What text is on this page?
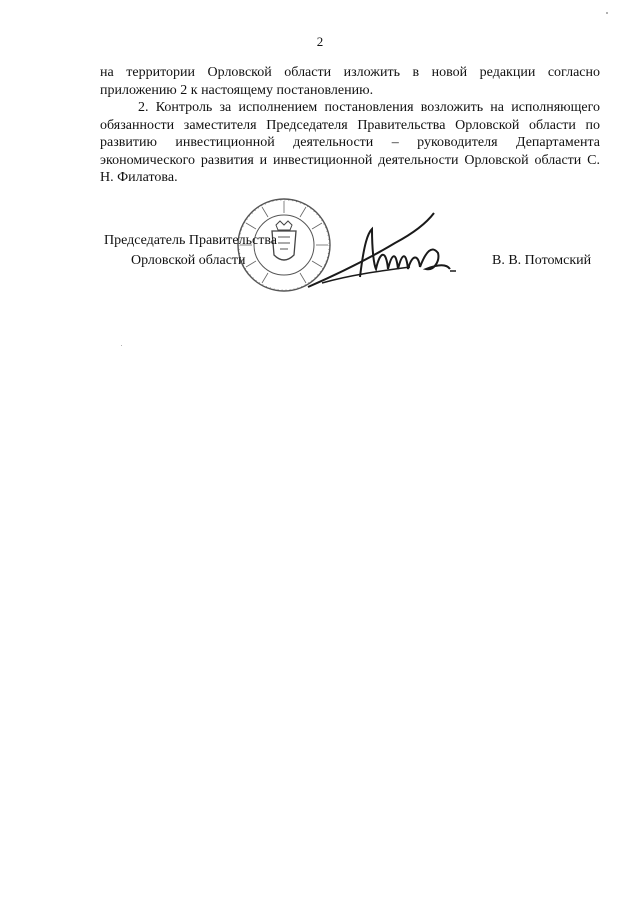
2

на территории Орловской области изложить в новой редакции согласно приложению 2 к настоящему постановлению.

2. Контроль за исполнением постановления возложить на исполняющего обязанности заместителя Председателя Правительства Орловской области по развитию инвестиционной деятельности – руководителя Департамента экономического развития и инвестиционной деятельности Орловской области С. Н. Филатова.

Председатель Правительства
Орловской области	В. В. Потомский
